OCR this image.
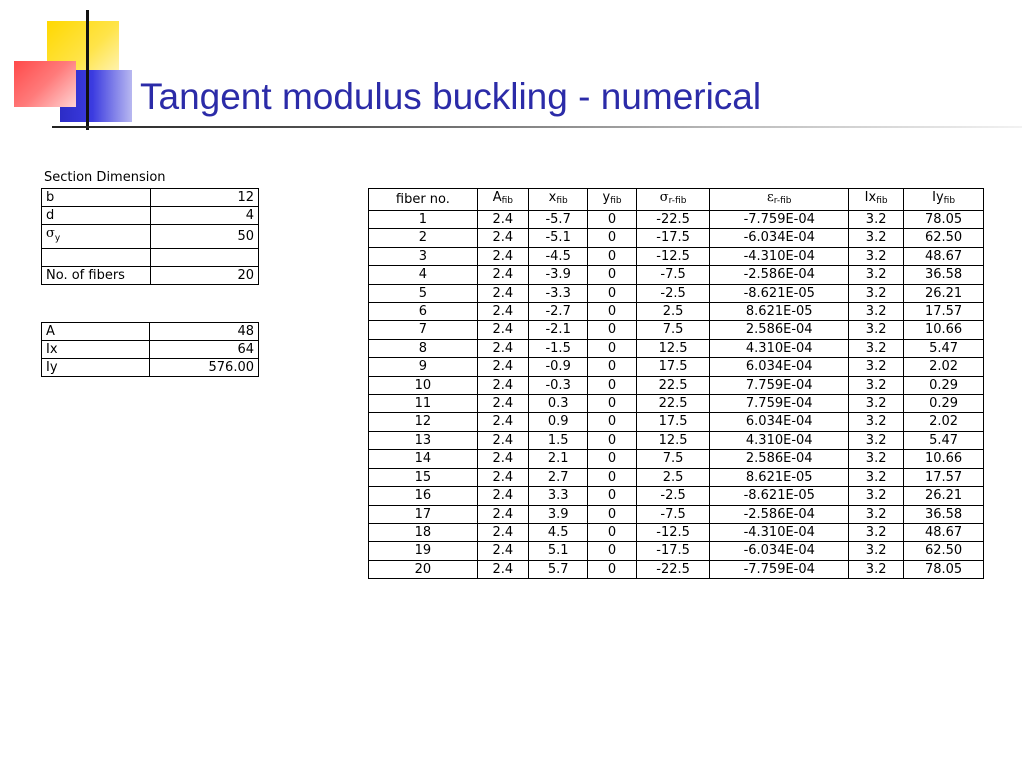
Tangent modulus buckling - numerical
Section Dimension
b	12
d	4
$\sigma_y$	50

No. of fibers	20
A	48
Ix	64
Iy	576.00
fiber no.	$A_{fib}$	$x_{fib}$	$y_{fib}$	$\sigma_{r-fib}$	$\varepsilon_{r-fib}$	$Ix_{fib}$	$Iy_{fib}$
1	2.4	-5.7	0	-22.5	-7.759E-04	3.2	78.05
2	2.4	-5.1	0	-17.5	-6.034E-04	3.2	62.50
3	2.4	-4.5	0	-12.5	-4.310E-04	3.2	48.67
4	2.4	-3.9	0	-7.5	-2.586E-04	3.2	36.58
5	2.4	-3.3	0	-2.5	-8.621E-05	3.2	26.21
6	2.4	-2.7	0	2.5	8.621E-05	3.2	17.57
7	2.4	-2.1	0	7.5	2.586E-04	3.2	10.66
8	2.4	-1.5	0	12.5	4.310E-04	3.2	5.47
9	2.4	-0.9	0	17.5	6.034E-04	3.2	2.02
10	2.4	-0.3	0	22.5	7.759E-04	3.2	0.29
11	2.4	0.3	0	22.5	7.759E-04	3.2	0.29
12	2.4	0.9	0	17.5	6.034E-04	3.2	2.02
13	2.4	1.5	0	12.5	4.310E-04	3.2	5.47
14	2.4	2.1	0	7.5	2.586E-04	3.2	10.66
15	2.4	2.7	0	2.5	8.621E-05	3.2	17.57
16	2.4	3.3	0	-2.5	-8.621E-05	3.2	26.21
17	2.4	3.9	0	-7.5	-2.586E-04	3.2	36.58
18	2.4	4.5	0	-12.5	-4.310E-04	3.2	48.67
19	2.4	5.1	0	-17.5	-6.034E-04	3.2	62.50
20	2.4	5.7	0	-22.5	-7.759E-04	3.2	78.05
